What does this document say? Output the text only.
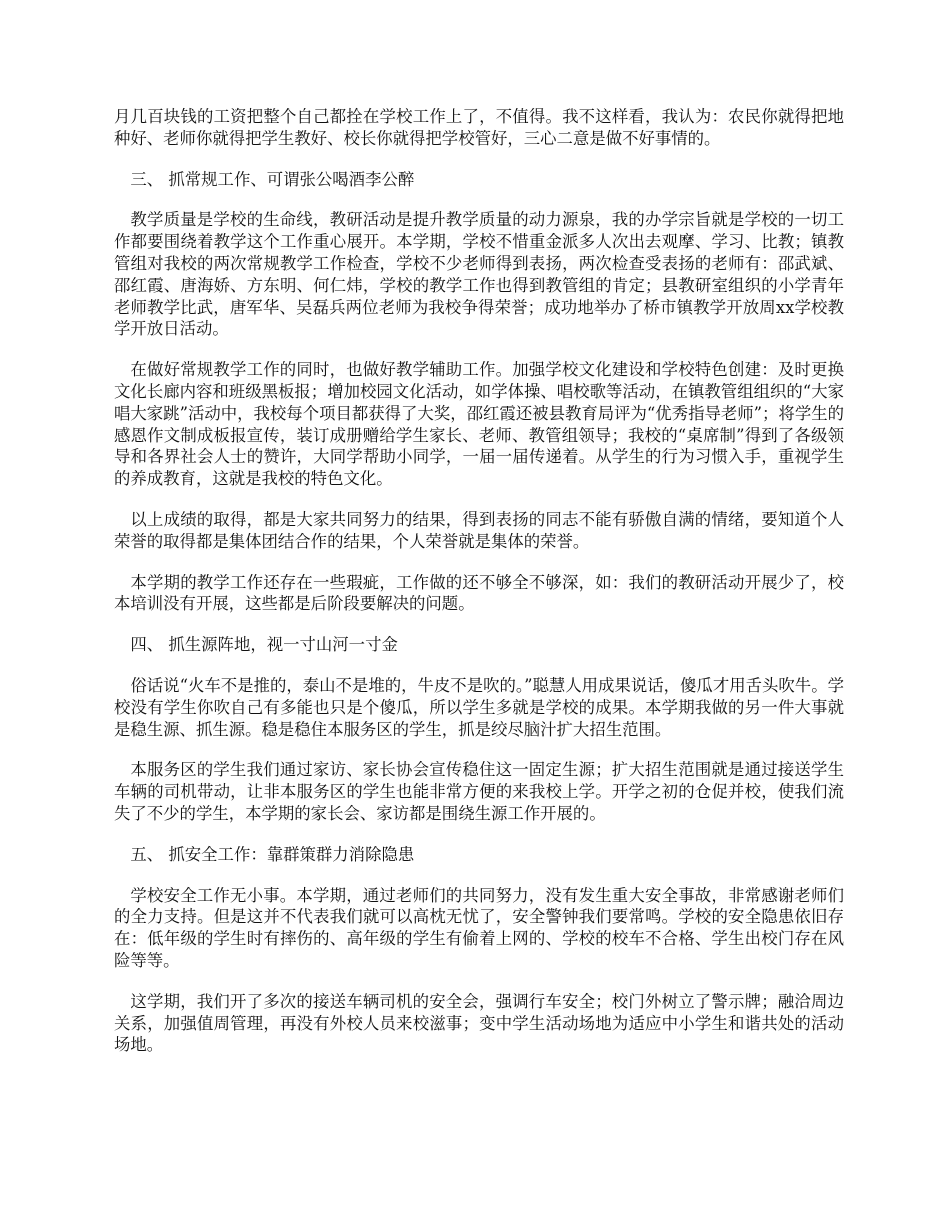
月几百块钱的工资把整个自己都拴在学校工作上了，不值得。我不这样看，我认为：农民你就得把地种好、老师你就得把学生教好、校长你就得把学校管好，三心二意是做不好事情的。

三、 抓常规工作、可谓张公喝酒李公醉

教学质量是学校的生命线，教研活动是提升教学质量的动力源泉，我的办学宗旨就是学校的一切工作都要围绕着教学这个工作重心展开。本学期，学校不惜重金派多人次出去观摩、学习、比教；镇教管组对我校的两次常规教学工作检查，学校不少老师得到表扬，两次检查受表扬的老师有：邵武斌、邵红霞、唐海娇、方东明、何仁炜，学校的教学工作也得到教管组的肯定；县教研室组织的小学青年老师教学比武，唐军华、吴磊兵两位老师为我校争得荣誉；成功地举办了桥市镇教学开放周xx学校教学开放日活动。

在做好常规教学工作的同时，也做好教学辅助工作。加强学校文化建设和学校特色创建：及时更换文化长廊内容和班级黑板报；增加校园文化活动，如学体操、唱校歌等活动，在镇教管组组织的“大家唱大家跳”活动中，我校每个项目都获得了大奖，邵红霞还被县教育局评为“优秀指导老师”；将学生的感恩作文制成板报宣传，装订成册赠给学生家长、老师、教管组领导；我校的“桌席制”得到了各级领导和各界社会人士的赞许，大同学帮助小同学，一届一届传递着。从学生的行为习惯入手，重视学生的养成教育，这就是我校的特色文化。

以上成绩的取得，都是大家共同努力的结果，得到表扬的同志不能有骄傲自满的情绪，要知道个人荣誉的取得都是集体团结合作的结果，个人荣誉就是集体的荣誉。

本学期的教学工作还存在一些瑕疵，工作做的还不够全不够深，如：我们的教研活动开展少了，校本培训没有开展，这些都是后阶段要解决的问题。

四、 抓生源阵地，视一寸山河一寸金

俗话说“火车不是推的，泰山不是堆的，牛皮不是吹的。”聪慧人用成果说话，傻瓜才用舌头吹牛。学校没有学生你吹自己有多能也只是个傻瓜，所以学生多就是学校的成果。本学期我做的另一件大事就是稳生源、抓生源。稳是稳住本服务区的学生，抓是绞尽脑汁扩大招生范围。

本服务区的学生我们通过家访、家长协会宣传稳住这一固定生源；扩大招生范围就是通过接送学生车辆的司机带动，让非本服务区的学生也能非常方便的来我校上学。开学之初的仓促并校，使我们流失了不少的学生，本学期的家长会、家访都是围绕生源工作开展的。

五、 抓安全工作：靠群策群力消除隐患

学校安全工作无小事。本学期，通过老师们的共同努力，没有发生重大安全事故，非常感谢老师们的全力支持。但是这并不代表我们就可以高枕无忧了，安全警钟我们要常鸣。学校的安全隐患依旧存在：低年级的学生时有摔伤的、高年级的学生有偷着上网的、学校的校车不合格、学生出校门存在风险等等。

这学期，我们开了多次的接送车辆司机的安全会，强调行车安全；校门外树立了警示牌；融洽周边关系，加强值周管理，再没有外校人员来校滋事；变中学生活动场地为适应中小学生和谐共处的活动场地。
